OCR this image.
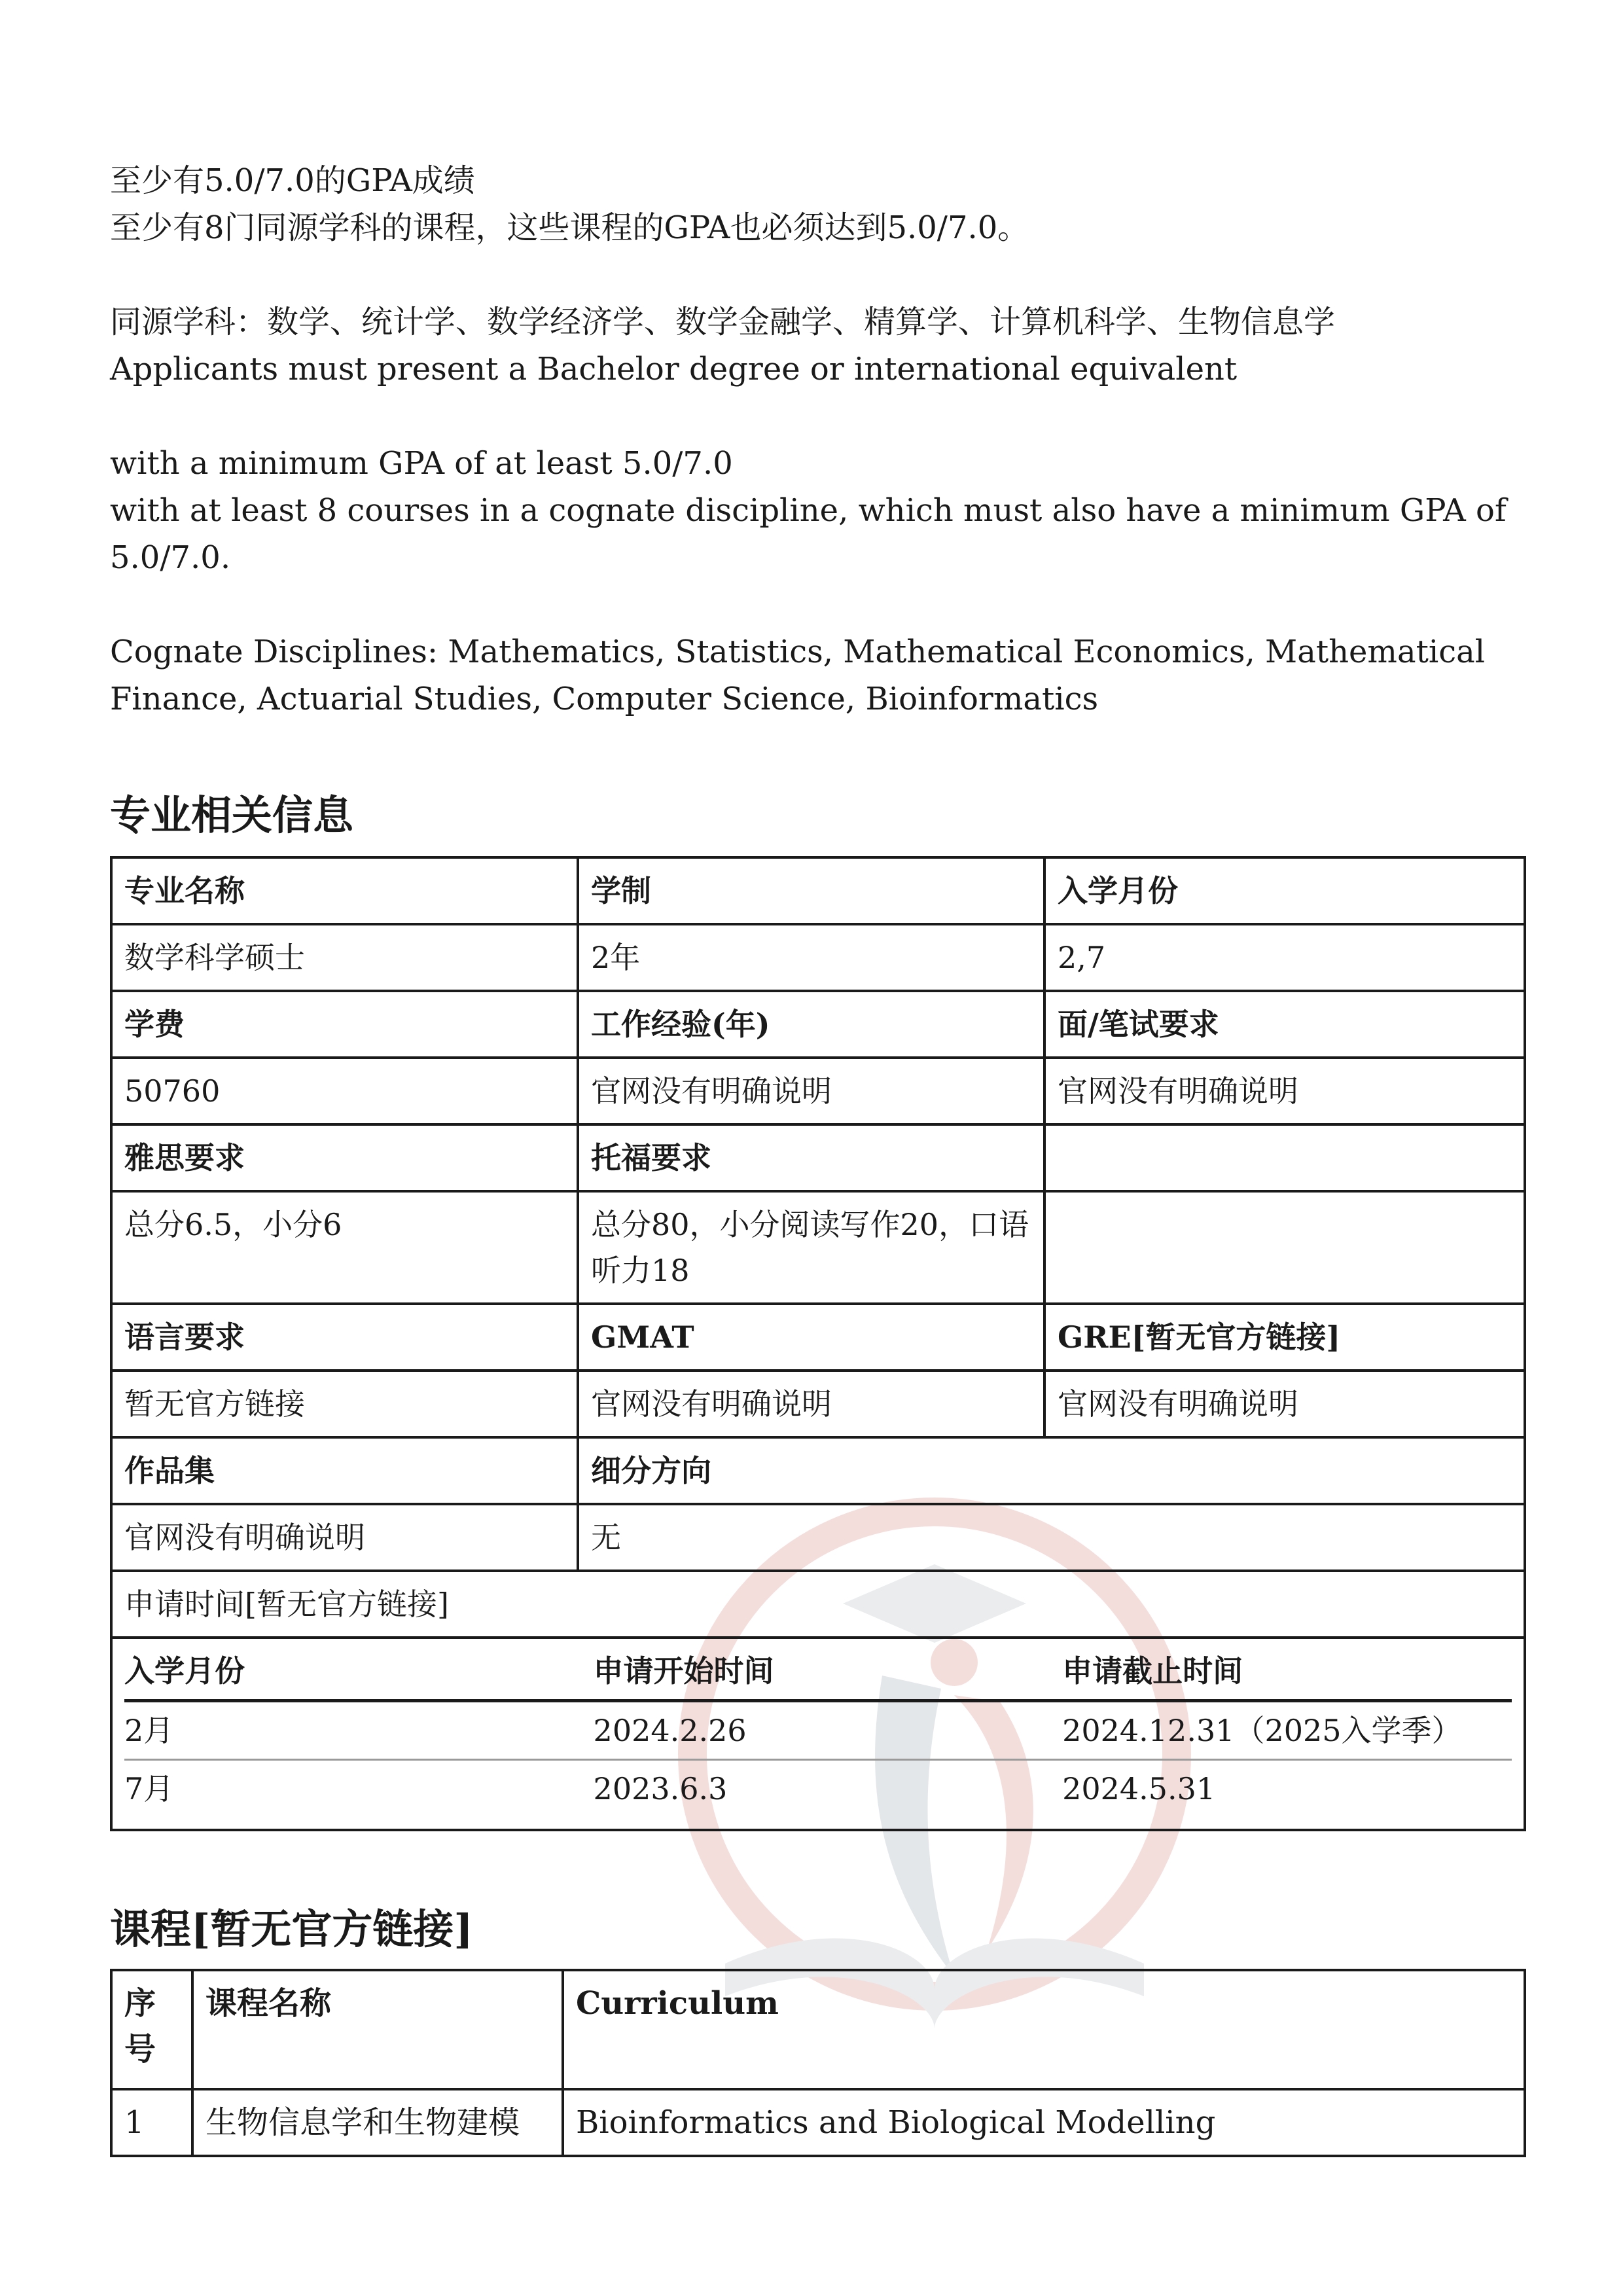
至少有5.0/7.0的GPA成绩

至少有8门同源学科的课程，这些课程的GPA也必须达到5.0/7.0。

同源学科：数学、统计学、数学经济学、数学金融学、精算学、计算机科学、生物信息学

Applicants must present a Bachelor degree or international equivalent

with a minimum GPA of at least 5.0/7.0

with at least 8 courses in a cognate discipline, which must also have a minimum GPA of 5.0/7.0.

Cognate Disciplines: Mathematics, Statistics, Mathematical Economics, Mathematical Finance, Actuarial Studies, Computer Science, Bioinformatics

专业相关信息
专业名称	学制	入学月份
数学科学硕士	2年	2,7
学费	工作经验(年)	面/笔试要求
50760	官网没有明确说明	官网没有明确说明
雅思要求	托福要求	
总分6.5，小分6	总分80，小分阅读写作20，口语听力18	
语言要求	GMAT	GRE[暂无官方链接]
暂无官方链接	官网没有明确说明	官网没有明确说明
作品集	细分方向
官网没有明确说明	无
申请时间[暂无官方链接]

入学月份	申请开始时间	申请截止时间
2月	2024.2.26	2024.12.31（2025入学季）
7月	2023.6.3	2024.5.31
课程[暂无官方链接]
序号	课程名称	Curriculum
1	生物信息学和生物建模	Bioinformatics and Biological Modelling
